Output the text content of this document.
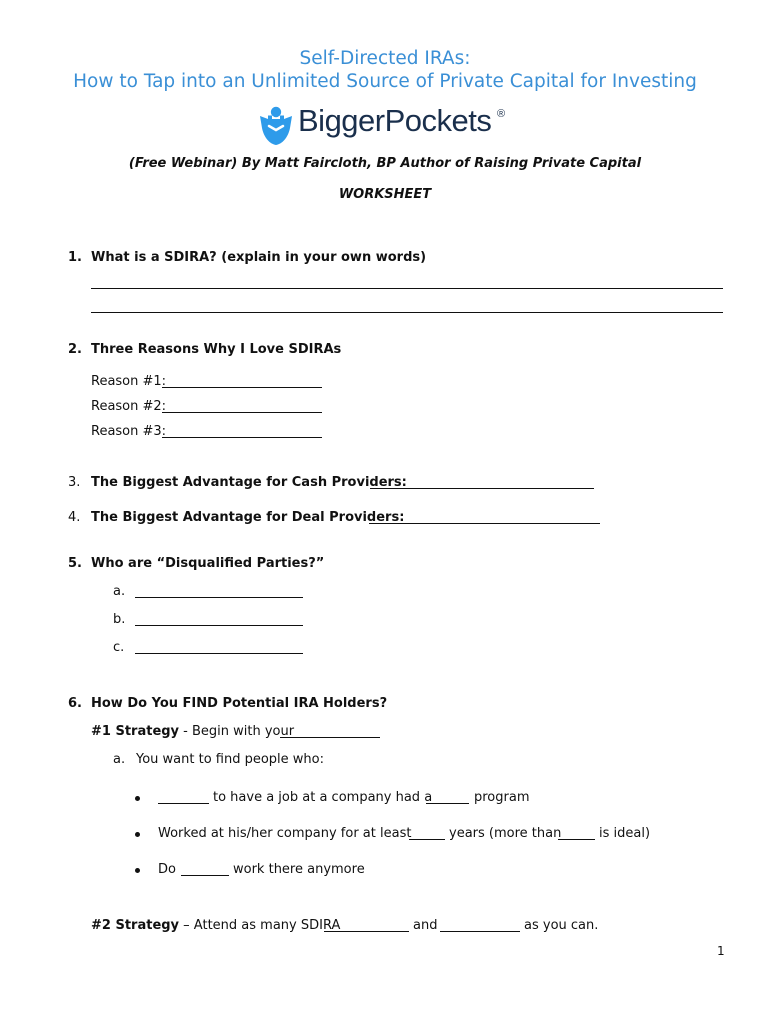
Self-Directed IRAs:
How to Tap into an Unlimited Source of Private Capital for Investing
BiggerPockets ®
(Free Webinar) By Matt Faircloth, BP Author of Raising Private Capital
WORKSHEET
1. What is a SDIRA? (explain in your own words)
2. Three Reasons Why I Love SDIRAs
Reason #1:
Reason #2:
Reason #3:
3. The Biggest Advantage for Cash Providers:
4. The Biggest Advantage for Deal Providers:
5. Who are “Disqualified Parties?”
a.
b.
c.
6. How Do You FIND Potential IRA Holders?
#1 Strategy - Begin with your
a. You want to find people who:
to have a job at a company had a	program
Worked at his/her company for at least	years (more than	is ideal)
Do	work there anymore
#2 Strategy – Attend as many SDIRA	and	as you can.
1
